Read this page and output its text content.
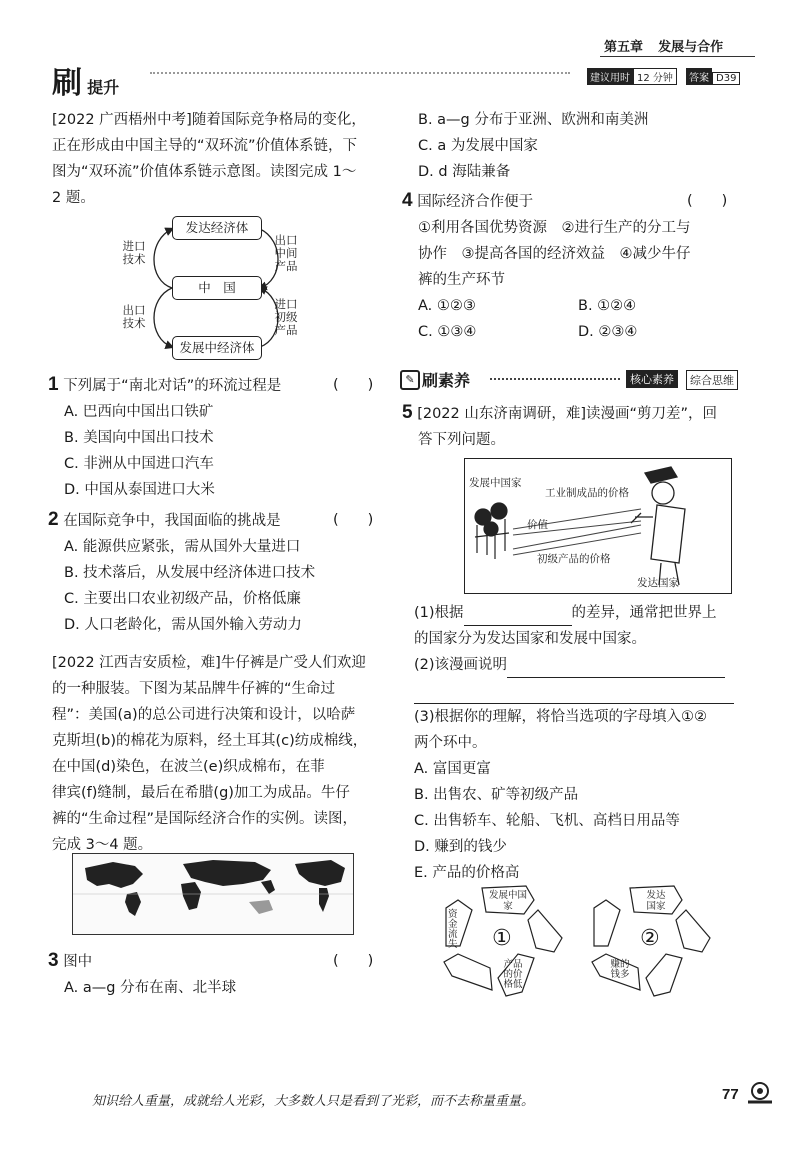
第五章 发展与合作
刷 提升	建议用时 12 分钟 答案 D39
[2022 广西梧州中考]随着国际竞争格局的变化，
正在形成由中国主导的“双环流”价值体系链，下
图为“双环流”价值体系链示意图。读图完成 1～
2 题。
发达经济体
中　国
发展中经济体
进口
技术
出口
中间
产品
出口
技术
进口
初级
产品
1 下列属于“南北对话”的环流过程是	(　　)
A. 巴西向中国出口铁矿
B. 美国向中国出口技术
C. 非洲从中国进口汽车
D. 中国从泰国进口大米
2 在国际竞争中，我国面临的挑战是	(　　)
A. 能源供应紧张，需从国外大量进口
B. 技术落后，从发展中经济体进口技术
C. 主要出口农业初级产品，价格低廉
D. 人口老龄化，需从国外输入劳动力
[2022 江西吉安质检，难]牛仔裤是广受人们欢迎
的一种服装。下图为某品牌牛仔裤的“生命过
程”：美国(a)的总公司进行决策和设计，以哈萨
克斯坦(b)的棉花为原料，经土耳其(c)纺成棉线，
在中国(d)染色，在波兰(e)织成棉布，在菲
律宾(f)缝制，最后在希腊(g)加工为成品。牛仔
裤的“生命过程”是国际经济合作的实例。读图，
完成 3～4 题。
3 图中	(　　)
A. a—g 分布在南、北半球
B. a—g 分布于亚洲、欧洲和南美洲
C. a 为发展中国家
D. d 海陆兼备
4 国际经济合作便于	(　　)
①利用各国优势资源　②进行生产的分工与
协作　③提高各国的经济效益　④减少牛仔
裤的生产环节
A. ①②③	B. ①②④
C. ①③④	D. ②③④
✎ 刷素养	核心素养	综合思维
5 [2022 山东济南调研，难]读漫画“剪刀差”，回
答下列问题。
发展中国家
工业制成品的价格
价值
初级产品的价格
发达国家
(1)根据	的差异，通常把世界上
的国家分为发达国家和发展中国家。
(2)该漫画说明
(3)根据你的理解，将恰当选项的字母填入①②
两个环中。
A. 富国更富
B. 出售农、矿等初级产品
C. 出售轿车、轮船、飞机、高档日用品等
D. 赚到的钱少
E. 产品的价格高
①
发展中国家
资金流失
产品的价格低
②
发达国家
赚的钱多
知识给人重量，成就给人光彩，大多数人只是看到了光彩，而不去称量重量。	77
